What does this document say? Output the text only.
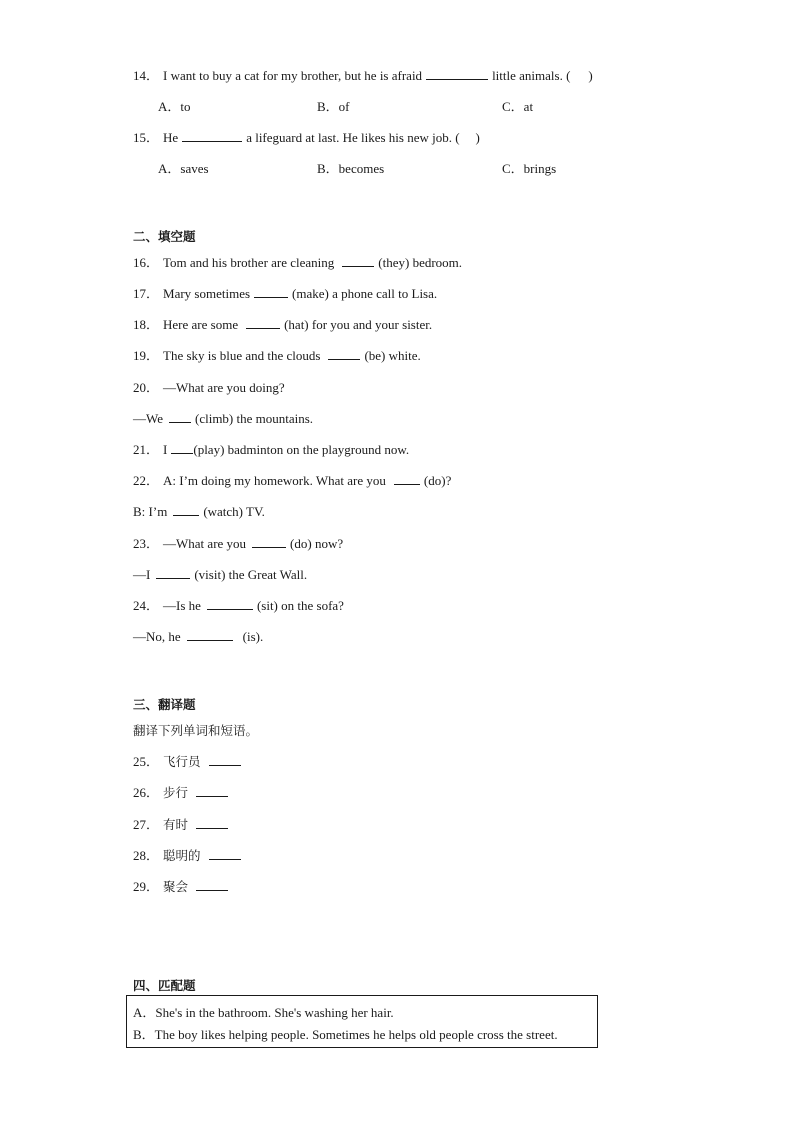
14． I want to buy a cat for my brother, but he is afraid	little animals. ( )
A．to	B．of	C．at
15． He	a lifeguard at last. He likes his new job. ( )
A．saves	B．becomes	C．brings
二、填空题
16． Tom and his brother are cleaning	(they) bedroom.
17． Mary sometimes	(make) a phone call to Lisa.
18． Here are some	(hat) for you and your sister.
19． The sky is blue and the clouds	(be) white.
20． —What are you doing?
—We (climb) the mountains.
21． I (play) badminton on the playground now.
22． A: I’m doing my homework. What are you	(do)?
B: I’m	(watch) TV.
23． —What are you	(do) now?
—I	(visit) the Great Wall.
24． —Is he	(sit) on the sofa?
—No, he	(is).
三、翻译题
翻译下列单词和短语。
25． 飞行员
26． 步行
27． 有时
28． 聪明的
29． 聚会
四、匹配题
A．She's in the bathroom. She's washing her hair.
B．The boy likes helping people. Sometimes he helps old people cross the street.
